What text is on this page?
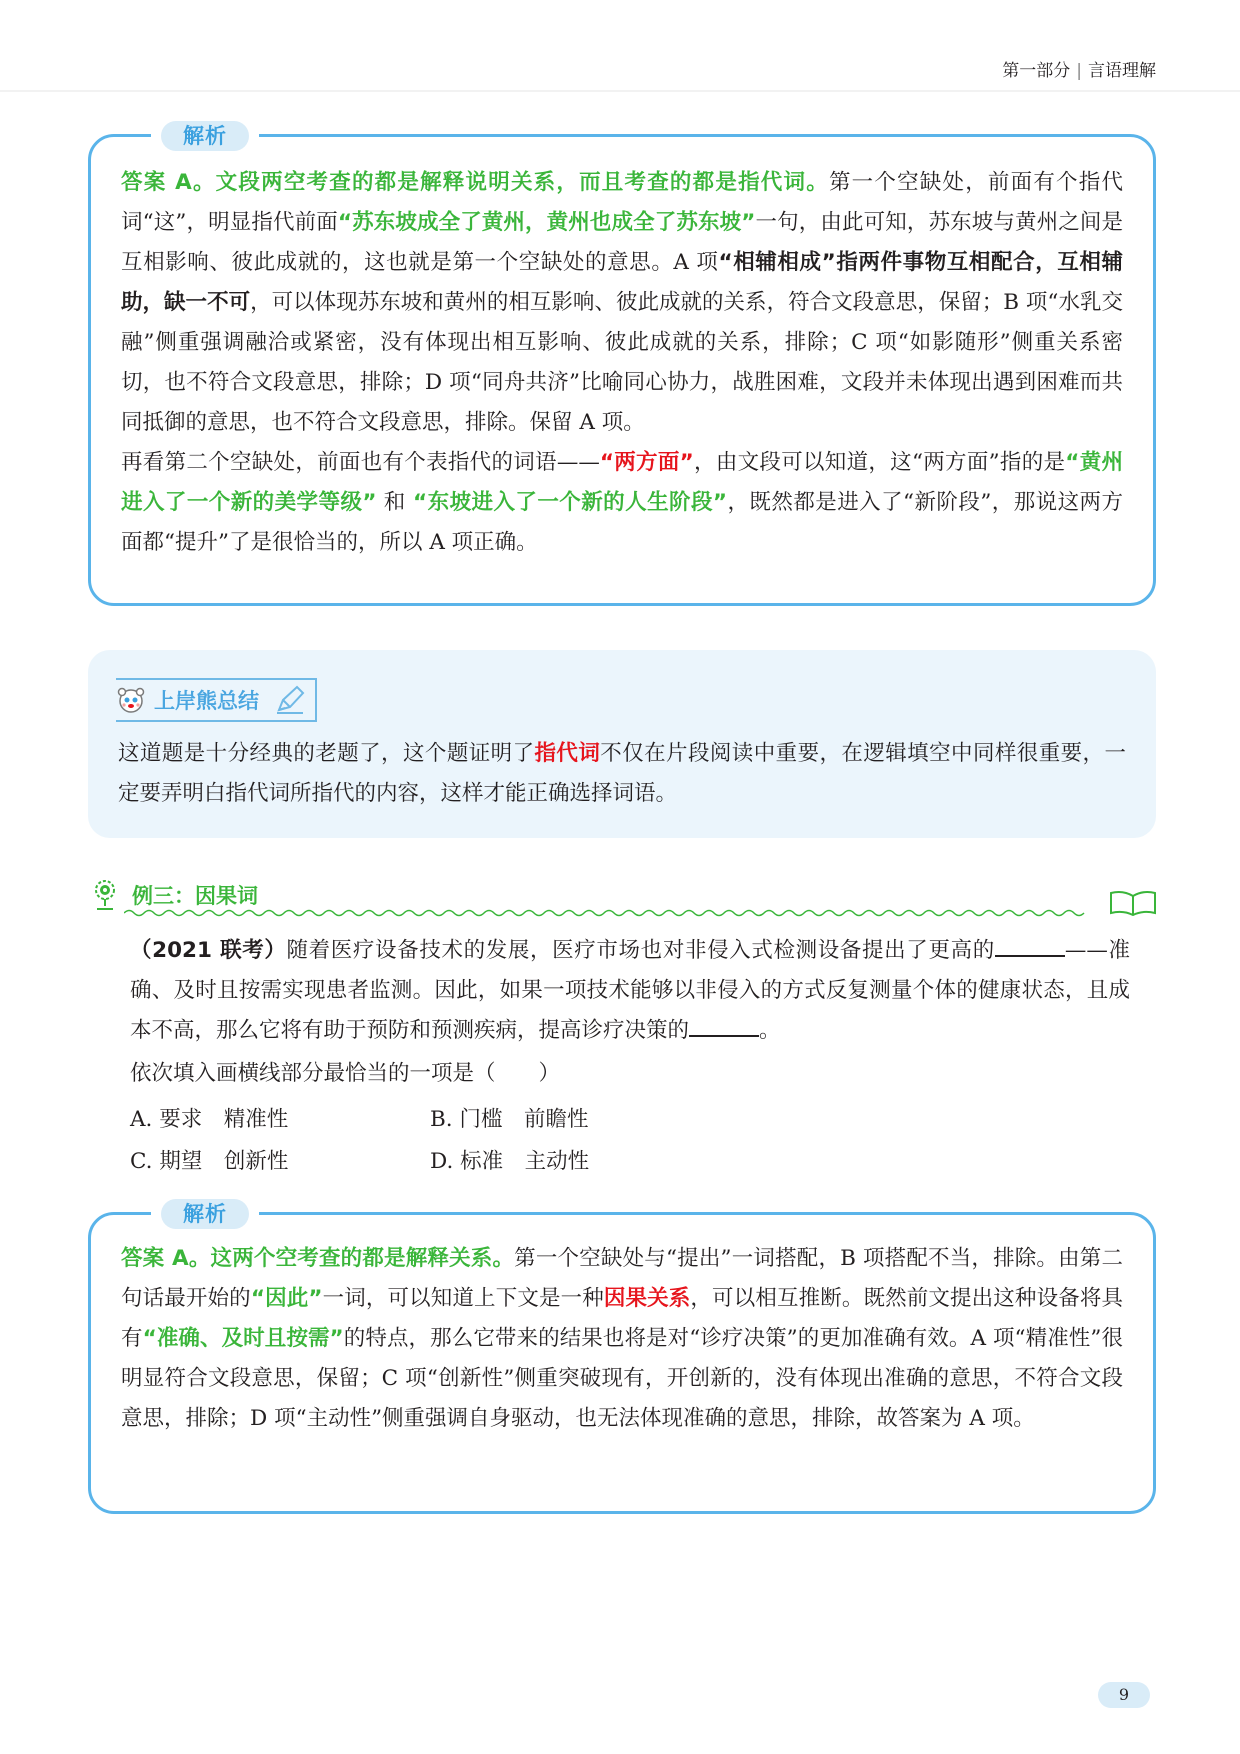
第一部分 | 言语理解
解析

答案 A。文段两空考查的都是解释说明关系，而且考查的都是指代词。第一个空缺处，前面有个指代词“这”，明显指代前面“苏东坡成全了黄州，黄州也成全了苏东坡”一句，由此可知，苏东坡与黄州之间是互相影响、彼此成就的，这也就是第一个空缺处的意思。A 项“相辅相成”指两件事物互相配合，互相辅助，缺一不可，可以体现苏东坡和黄州的相互影响、彼此成就的关系，符合文段意思，保留；B 项“水乳交融”侧重强调融洽或紧密，没有体现出相互影响、彼此成就的关系，排除；C 项“如影随形”侧重关系密切，也不符合文段意思，排除；D 项“同舟共济”比喻同心协力，战胜困难，文段并未体现出遇到困难而共同抵御的意思，也不符合文段意思，排除。保留 A 项。

再看第二个空缺处，前面也有个表指代的词语——“两方面”，由文段可以知道，这“两方面”指的是“黄州进入了一个新的美学等级” 和 “东坡进入了一个新的人生阶段”，既然都是进入了“新阶段”，那说这两方面都“提升”了是很恰当的，所以 A 项正确。

上岸熊总结

这道题是十分经典的老题了，这个题证明了指代词不仅在片段阅读中重要，在逻辑填空中同样很重要，一定要弄明白指代词所指代的内容，这样才能正确选择词语。

例三：因果词
（2021 联考）随着医疗设备技术的发展，医疗市场也对非侵入式检测设备提出了更高的	——准确、及时且按需实现患者监测。因此，如果一项技术能够以非侵入的方式反复测量个体的健康状态，且成本不高，那么它将有助于预防和预测疾病，提高诊疗决策的	。
依次填入画横线部分最恰当的一项是（　　）
A. 要求　精准性	B. 门槛　前瞻性
C. 期望　创新性	D. 标准　主动性
解析

答案 A。这两个空考查的都是解释关系。第一个空缺处与“提出”一词搭配，B 项搭配不当，排除。由第二句话最开始的“因此”一词，可以知道上下文是一种因果关系，可以相互推断。既然前文提出这种设备将具有“准确、及时且按需”的特点，那么它带来的结果也将是对“诊疗决策”的更加准确有效。A 项“精准性”很明显符合文段意思，保留；C 项“创新性”侧重突破现有，开创新的，没有体现出准确的意思，不符合文段意思，排除；D 项“主动性”侧重强调自身驱动，也无法体现准确的意思，排除，故答案为 A 项。

9
